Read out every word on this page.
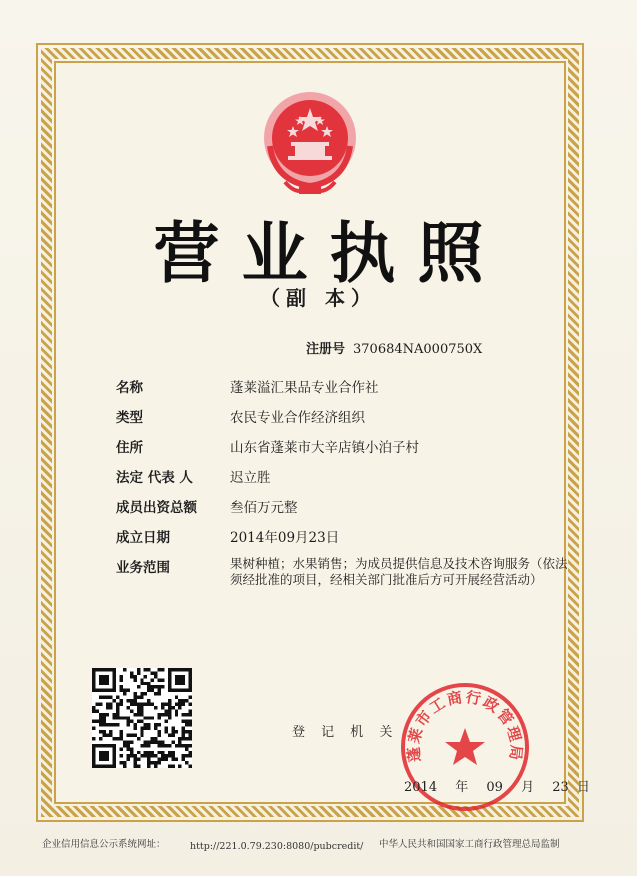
营业执照
（副 本）
注册号 370684NA000750X
名称	蓬莱溢汇果品专业合作社
类型	农民专业合作经济组织
住所	山东省蓬莱市大辛店镇小泊子村
法定 代表 人	迟立胜
成员出资总额	叁佰万元整
成立日期	2014年09月23日
业务范围	果树种植；水果销售；为成员提供信息及技术咨询服务（依法须经批准的项目，经相关部门批准后方可开展经营活动）
登 记 机 关
蓬莱市工商行政管理局
2014 年 09 月 23 日
企业信用信息公示系统网址：	http://221.0.79.230:8080/pubcredit/ 中华人民共和国国家工商行政管理总局监制
